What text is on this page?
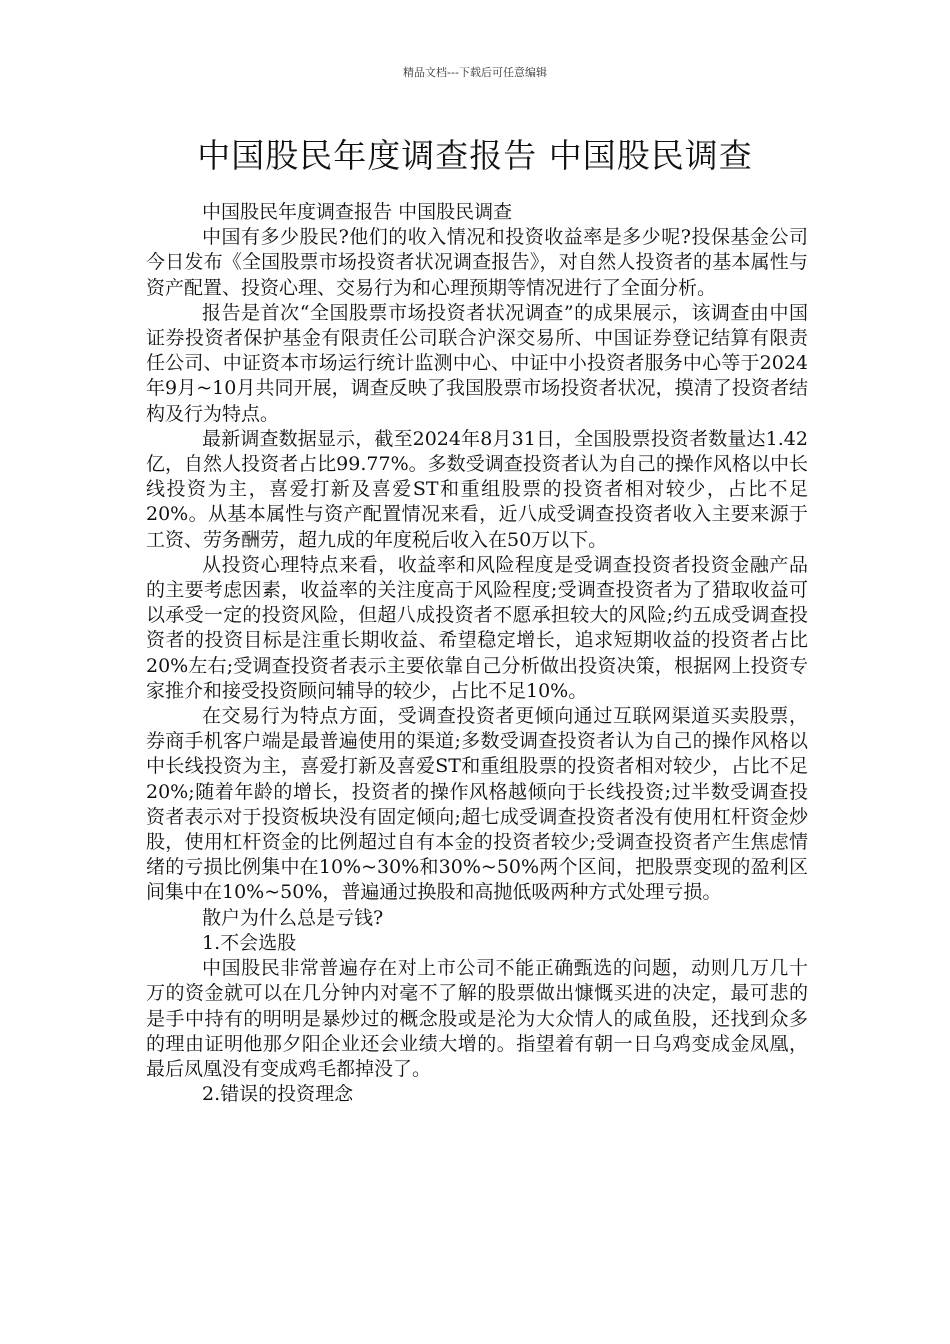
精品文档---下载后可任意编辑
中国股民年度调查报告 中国股民调查

中国股民年度调查报告 中国股民调查

中国有多少股民?他们的收入情况和投资收益率是多少呢?投保基金公司今日发布《全国股票市场投资者状况调查报告》，对自然人投资者的基本属性与资产配置、投资心理、交易行为和心理预期等情况进行了全面分析。

报告是首次“全国股票市场投资者状况调查”的成果展示，该调查由中国证券投资者保护基金有限责任公司联合沪深交易所、中国证券登记结算有限责任公司、中证资本市场运行统计监测中心、中证中小投资者服务中心等于2024年9月~10月共同开展，调查反映了我国股票市场投资者状况，摸清了投资者结构及行为特点。

最新调查数据显示，截至2024年8月31日，全国股票投资者数量达1.42亿，自然人投资者占比99.77%。多数受调查投资者认为自己的操作风格以中长线投资为主，喜爱打新及喜爱ST和重组股票的投资者相对较少，占比不足20%。从基本属性与资产配置情况来看，近八成受调查投资者收入主要来源于工资、劳务酬劳，超九成的年度税后收入在50万以下。

从投资心理特点来看，收益率和风险程度是受调查投资者投资金融产品的主要考虑因素，收益率的关注度高于风险程度;受调查投资者为了猎取收益可以承受一定的投资风险，但超八成投资者不愿承担较大的风险;约五成受调查投资者的投资目标是注重长期收益、希望稳定增长，追求短期收益的投资者占比20%左右;受调查投资者表示主要依靠自己分析做出投资决策，根据网上投资专家推介和接受投资顾问辅导的较少，占比不足10%。

在交易行为特点方面，受调查投资者更倾向通过互联网渠道买卖股票，券商手机客户端是最普遍使用的渠道;多数受调查投资者认为自己的操作风格以中长线投资为主，喜爱打新及喜爱ST和重组股票的投资者相对较少，占比不足20%;随着年龄的增长，投资者的操作风格越倾向于长线投资;过半数受调查投资者表示对于投资板块没有固定倾向;超七成受调查投资者没有使用杠杆资金炒股，使用杠杆资金的比例超过自有本金的投资者较少;受调查投资者产生焦虑情绪的亏损比例集中在10%~30%和30%~50%两个区间，把股票变现的盈利区间集中在10%~50%，普遍通过换股和高抛低吸两种方式处理亏损。

散户为什么总是亏钱?

1.不会选股

中国股民非常普遍存在对上市公司不能正确甄选的问题，动则几万几十万的资金就可以在几分钟内对毫不了解的股票做出慷慨买进的决定，最可悲的是手中持有的明明是暴炒过的概念股或是沦为大众情人的咸鱼股，还找到众多的理由证明他那夕阳企业还会业绩大增的。指望着有朝一日乌鸡变成金凤凰，最后凤凰没有变成鸡毛都掉没了。

2.错误的投资理念
